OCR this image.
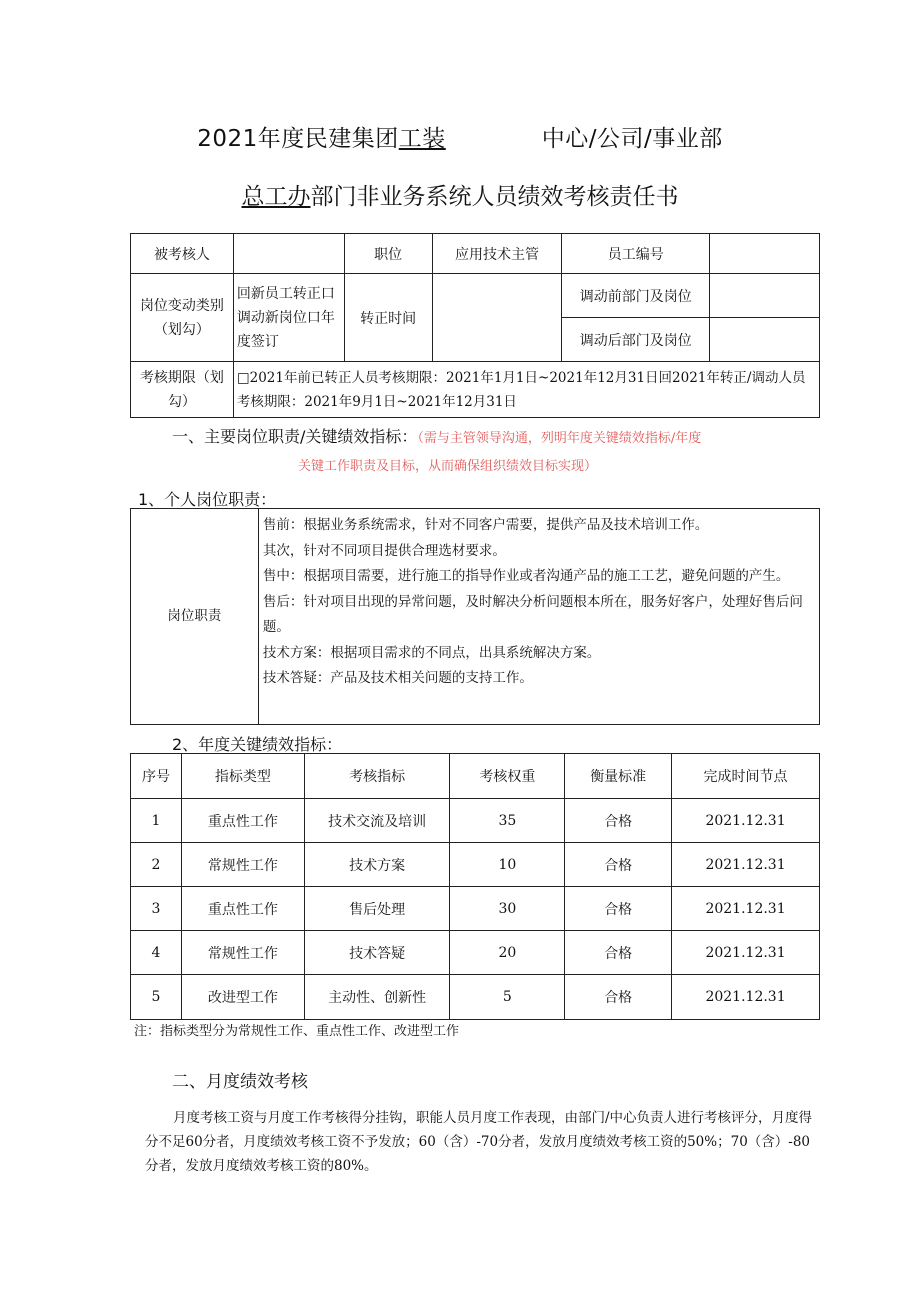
2021年度民建集团工装	中心/公司/事业部
总工办部门非业务系统人员绩效考核责任书
被考核人		职位	应用技术主管	员工编号	
岗位变动类别（划勾）	回新员工转正口调动新岗位口年度签订	转正时间		调动前部门及岗位	
				调动后部门及岗位	
考核期限（划勾）	□2021年前已转正人员考核期限：2021年1月1日~2021年12月31日回2021年转正/调动人员考核期限：2021年9月1日~2021年12月31日				
一、主要岗位职责/关键绩效指标：（需与主管领导沟通，列明年度关键绩效指标/年度
关键工作职责及目标，从而确保组织绩效目标实现）
1、个人岗位职责：
岗位职责	
售前：根据业务系统需求，针对不同客户需要，提供产品及技术培训工作。
其次，针对不同项目提供合理选材要求。
售中：根据项目需要，进行施工的指导作业或者沟通产品的施工工艺，避免问题的产生。
售后：针对项目出现的异常问题，及时解决分析问题根本所在，服务好客户，处理好售后问题。
技术方案：根据项目需求的不同点，出具系统解决方案。
技术答疑：产品及技术相关问题的支持工作。
2、年度关键绩效指标：
序号	指标类型	考核指标	考核权重	衡量标准	完成时间节点
1	重点性工作	技术交流及培训	35	合格	2021.12.31
2	常规性工作	技术方案	10	合格	2021.12.31
3	重点性工作	售后处理	30	合格	2021.12.31
4	常规性工作	技术答疑	20	合格	2021.12.31
5	改进型工作	主动性、创新性	5	合格	2021.12.31
注：指标类型分为常规性工作、重点性工作、改进型工作
二、月度绩效考核
月度考核工资与月度工作考核得分挂钩，职能人员月度工作表现，由部门/中心负责人进行考核评分，月度得分不足60分者，月度绩效考核工资不予发放；60（含）-70分者，发放月度绩效考核工资的50%；70（含）-80分者，发放月度绩效考核工资的80%。
